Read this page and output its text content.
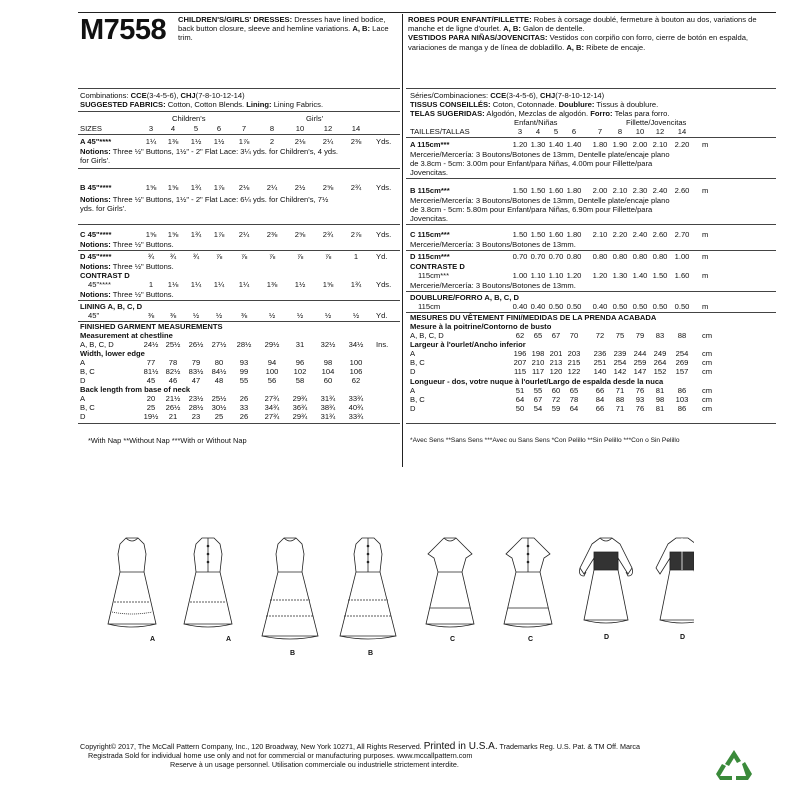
M7558 CHILDREN'S/GIRLS' DRESSES: Dresses have lined bodice, back button closure, sleeve and hemline variations. A, B: Lace trim.
Combinations: CCE(3-4-5-6), CHJ(7-8-10-12-14)
SUGGESTED FABRICS: Cotton, Cotton Blends. Lining: Lining Fabrics.
Children's	Girls'
SIZES	3	4	5	6	7	8	10	12	14
A 45"****	1¼	1⅜	1½	1½	1⅞	2	2⅛	2¼	2⅜	Yds.
Notions: Three ½" Buttons, 1½" - 2" Flat Lace: 3¼ yds. for Children's, 4 yds.
for Girls'.
B 45"****	1⅝	1⅝	1¾	1⅞	2⅛	2¼	2½	2⅝	2¾	Yds.
Notions: Three ½" Buttons, 1½" - 2" Flat Lace: 6¼ yds. for Children's, 7½
yds. for Girls'.
C 45"****	1⅝	1⅝	1¾	1⅞	2¼	2⅜	2⅝	2¾	2⅞	Yds.
Notions: Three ½" Buttons.
D 45"****	¾	¾	¾	⅞	⅞	⅞	⅞	⅞	1	Yd.
Notions: Three ½" Buttons.
CONTRAST D
45"****	1	1⅛	1¼	1¼	1¼	1⅜	1½	1⅝	1¾	Yds.
Notions: Three ½" Buttons.
LINING A, B, C, D
45"	⅜	⅜	½	½	⅜	½	½	½	½	Yd.
FINISHED GARMENT MEASUREMENTS
Measurement at chestline
A, B, C, D	24½ 25½	26½	27½	28½	29½	31	32½	34½	Ins.
Width, lower edge
A	77	78	79	80	93	94	96	98	100
B, C	81½ 82½	83½	84½	99	100	102	104	106
D	45	46	47	48	55	56	58	60	62
Back length from base of neck
A	20	21½	23½	25½	26	27¾	29¾	31¾	33¾
B, C	25	26½	28½	30½	33	34¾	36¾	38¾	40¾
D	19½	21	23	25	26	27¾	29¾	31¾	33¾
*With Nap **Without Nap ***With or Without Nap
ROBES POUR ENFANT/FILLETTE: Robes à corsage doublé, fermeture à bouton au dos, variations de manche et de ligne d'ourlet. A, B: Galon de dentelle.
VESTIDOS PARA NIÑAS/JOVENCITAS: Vestidos con corpiño con forro, cierre de botón en espalda, variaciones de manga y de línea de dobladillo. A, B: Ribete de encaje.
Séries/Combinaciones: CCE(3-4-5-6), CHJ(7-8-10-12-14)
TISSUS CONSEILLÉS: Coton, Cotonnade. Doublure: Tissus à doublure.
TELAS SUGERIDAS: Algodón, Mezclas de algodón. Forro: Telas para forro.
Enfant/Niñas	Fillette/Jovencitas
TAILLES/TALLAS	3	4	5	6	7	8	10	12	14
A 115cm***	1.20 1.30 1.40 1.40	1.80 1.90 2.00 2.10 2.20	m
Mercerie/Mercería: 3 Boutons/Botones de 13mm, Dentelle plate/encaje plano
de 3.8cm - 5cm: 3.00m pour Enfant/para Niñas, 4.00m pour Fillette/para
Jovencitas.
B 115cm***	1.50 1.50 1.60 1.80	2.00 2.10 2.30 2.40 2.60	m
Mercerie/Mercería: 3 Boutons/Botones de 13mm, Dentelle plate/encaje plano
de 3.8cm - 5cm: 5.80m pour Enfant/para Niñas, 6.90m pour Fillette/para
Jovencitas.
C 115cm***	1.50 1.50 1.60 1.80	2.10 2.20 2.40 2.60 2.70	m
Mercerie/Mercería: 3 Boutons/Botones de 13mm.
D 115cm***	0.70 0.70 0.70 0.80	0.80 0.80 0.80 0.80 1.00	m
CONTRASTE D
115cm***	1.00 1.10 1.10 1.20	1.20 1.30 1.40 1.50 1.60	m
Mercerie/Mercería: 3 Boutons/Botones de 13mm.
DOUBLURE/FORRO A, B, C, D
115cm	0.40 0.40 0.50 0.50	0.40 0.50 0.50 0.50 0.50	m
MESURES DU VÊTEMENT FINI/MEDIDAS DE LA PRENDA ACABADA
Mesure à la poitrine/Contorno de busto
A, B, C, D	62	65	67	70	72	75	79	83	88	cm
Largeur à l'ourlet/Ancho inferior
A	196 198 201 203	236 239 244 249	254	cm
B, C	207 210 213 215	251 254 259 264	269	cm
D	115 117 120 122	140 142 147 152	157	cm
Longueur - dos, votre nuque à l'ourlet/Largo de espalda desde la nuca
A	51	55	60	65	66	71	76	81	86	cm
B, C	64	67	72	78	84	88	93	98	103	cm
D	50	54	59	64	66	71	76	81	86	cm
*Avec Sens **Sans Sens ***Avec ou Sans Sens *Con Pelillo **Sin Pelillo ***Con o Sin Pelillo
A	A
B	B
C	C	D	D
Copyright© 2017, The McCall Pattern Company, Inc., 120 Broadway, New York 10271, All Rights Reserved. Printed in U.S.A. Trademarks Reg. U.S. Pat. & TM Off. Marca
Registrada Sold for individual home use only and not for commercial or manufacturing purposes. www.mccallpattern.com
Reserve à un usage personnel. Utilisation commerciale ou industrielle strictement interdite.
